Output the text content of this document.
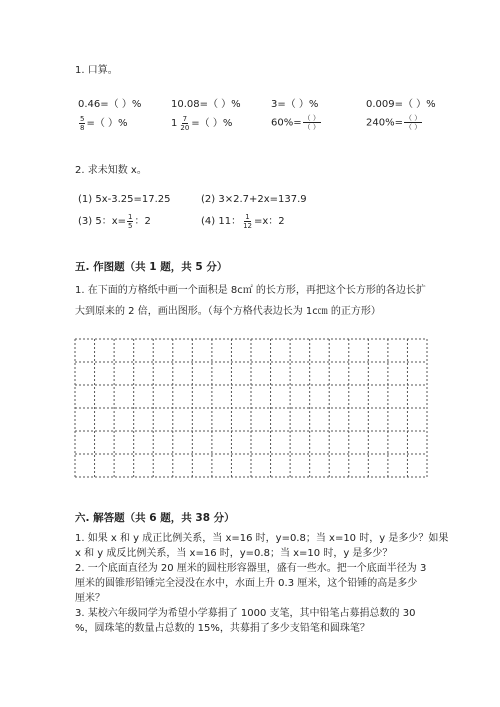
1. 口算。
0.46=（ ）%	10.08=（ ）%	3=（ ）%	0.009=（ ）%
$\frac{5}{8}$ =（ ）%	$1 \frac{7}{20}$ =（ ）%	$60\%= \frac{( )}{( )}$	$240\%= \frac{( )}{( )}$
2. 求未知数 x。
(1) 5x-3.25=17.25	(2) 3×2.7+2x=137.9
(3) 5：$x= \frac{1}{5}$ ：2	(4) 11： $\frac{1}{12} =x$：2
五. 作图题（共 1 题，共 5 分）
1. 在下面的方格纸中画一个面积是 8c㎡ 的长方形，再把这个长方形的各边长扩
大到原来的 2 倍，画出图形。（每个方格代表边长为 1c㎝ 的正方形）
六. 解答题（共 6 题，共 38 分）
1. 如果 x 和 y 成正比例关系，当 x=16 时，y=0.8；当 x=10 时，y 是多少？如果
x 和 y 成反比例关系，当 x=16 时，y=0.8；当 x=10 时，y 是多少？
2. 一个底面直径为 20 厘米的圆柱形容器里，盛有一些水。把一个底面半径为 3
厘米的圆锥形铅锤完全浸没在水中，水面上升 0.3 厘米，这个铅锤的高是多少
厘米？
3. 某校六年级同学为希望小学募捐了 1000 支笔，其中铅笔占募捐总数的 30
%，圆珠笔的数量占总数的 15%，共募捐了多少支铅笔和圆珠笔？
